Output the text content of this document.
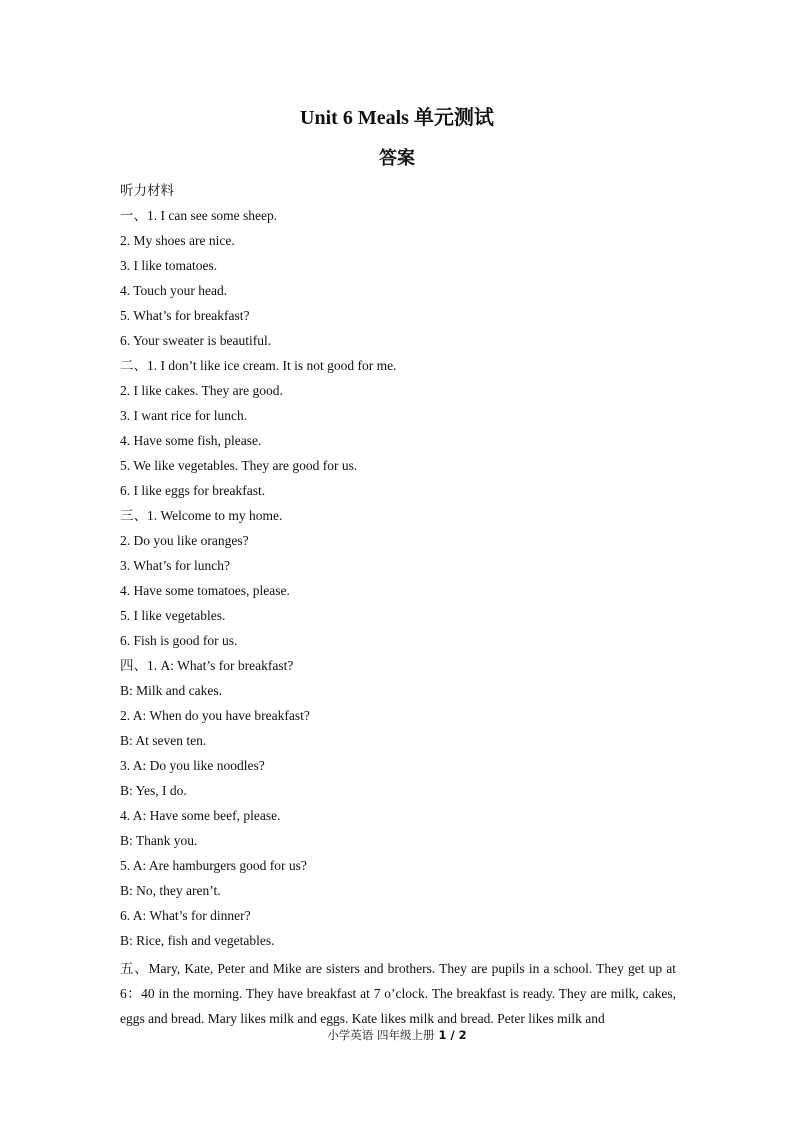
Unit 6 Meals 单元测试
答案
听力材料
一、1. I can see some sheep.
2. My shoes are nice.
3. I like tomatoes.
4. Touch your head.
5. What’s for breakfast?
6. Your sweater is beautiful.
二、1. I don’t like ice cream. It is not good for me.
2. I like cakes. They are good.
3. I want rice for lunch.
4. Have some fish, please.
5. We like vegetables. They are good for us.
6. I like eggs for breakfast.
三、1. Welcome to my home.
2. Do you like oranges?
3. What’s for lunch?
4. Have some tomatoes, please.
5. I like vegetables.
6. Fish is good for us.
四、1. A: What’s for breakfast?
B: Milk and cakes.
2. A: When do you have breakfast?
B: At seven ten.
3. A: Do you like noodles?
B: Yes, I do.
4. A: Have some beef, please.
B: Thank you.
5. A: Are hamburgers good for us?
B: No, they aren’t.
6. A: What’s for dinner?
B: Rice, fish and vegetables.
五、Mary, Kate, Peter and Mike are sisters and brothers. They are pupils in a school. They get up at 6：40 in the morning. They have breakfast at 7 o’clock. The breakfast is ready. They are milk, cakes, eggs and bread. Mary likes milk and eggs. Kate likes milk and bread. Peter likes milk and
小学英语 四年级上册 1 / 2
